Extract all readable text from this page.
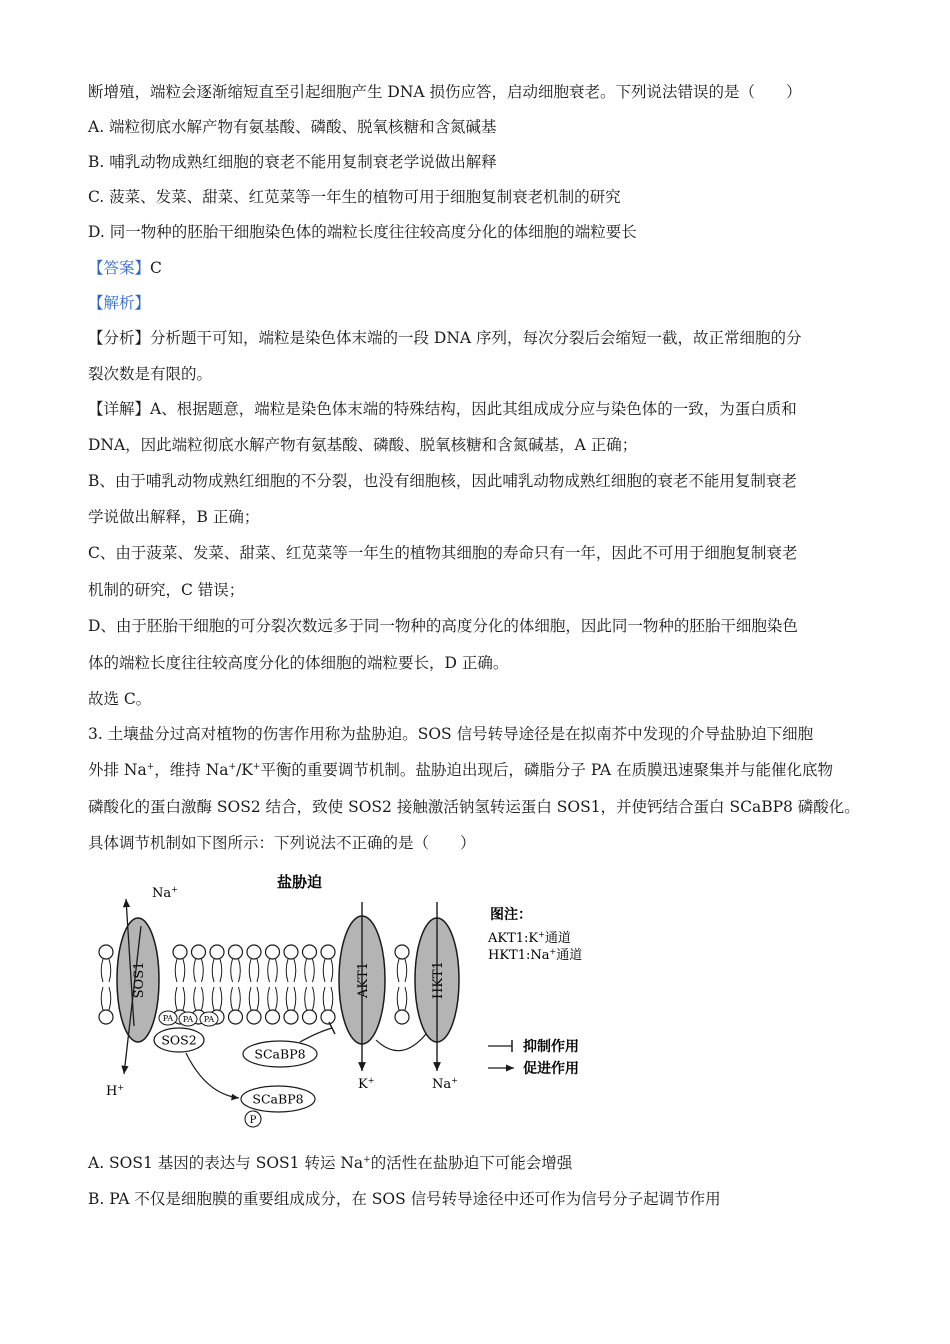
断增殖，端粒会逐渐缩短直至引起细胞产生 DNA 损伤应答，启动细胞衰老。下列说法错误的是（　　）
A. 端粒彻底水解产物有氨基酸、磷酸、脱氧核糖和含氮碱基
B. 哺乳动物成熟红细胞的衰老不能用复制衰老学说做出解释
C. 菠菜、发菜、甜菜、红苋菜等一年生的植物可用于细胞复制衰老机制的研究
D. 同一物种的胚胎干细胞染色体的端粒长度往往较高度分化的体细胞的端粒要长
【答案】C
【解析】
【分析】分析题干可知，端粒是染色体末端的一段 DNA 序列，每次分裂后会缩短一截，故正常细胞的分
裂次数是有限的。
【详解】A、根据题意，端粒是染色体末端的特殊结构，因此其组成成分应与染色体的一致，为蛋白质和
DNA，因此端粒彻底水解产物有氨基酸、磷酸、脱氧核糖和含氮碱基，A 正确；
B、由于哺乳动物成熟红细胞的不分裂，也没有细胞核，因此哺乳动物成熟红细胞的衰老不能用复制衰老
学说做出解释，B 正确；
C、由于菠菜、发菜、甜菜、红苋菜等一年生的植物其细胞的寿命只有一年，因此不可用于细胞复制衰老
机制的研究，C 错误；
D、由于胚胎干细胞的可分裂次数远多于同一物种的高度分化的体细胞，因此同一物种的胚胎干细胞染色
体的端粒长度往往较高度分化的体细胞的端粒要长，D 正确。
故选 C。
3. 土壤盐分过高对植物的伤害作用称为盐胁迫。SOS 信号转导途径是在拟南芥中发现的介导盐胁迫下细胞
外排 Na+，维持 Na+/K+平衡的重要调节机制。盐胁迫出现后，磷脂分子 PA 在质膜迅速聚集并与能催化底物
磷酸化的蛋白激酶 SOS2 结合，致使 SOS2 接触激活钠氢转运蛋白 SOS1，并使钙结合蛋白 SCaBP8 磷酸化。
具体调节机制如下图所示：下列说法不正确的是（　　）
盐胁迫
SOS1
Na+
H+
PA PA PA
SOS2
SCaBP8
SCaBP8
P
AKT1
K+
HKT1
Na+
图注：
AKT1:K+通道
HKT1:Na+通道
抑制作用
促进作用
A. SOS1 基因的表达与 SOS1 转运 Na+的活性在盐胁迫下可能会增强
B. PA 不仅是细胞膜的重要组成成分，在 SOS 信号转导途径中还可作为信号分子起调节作用
